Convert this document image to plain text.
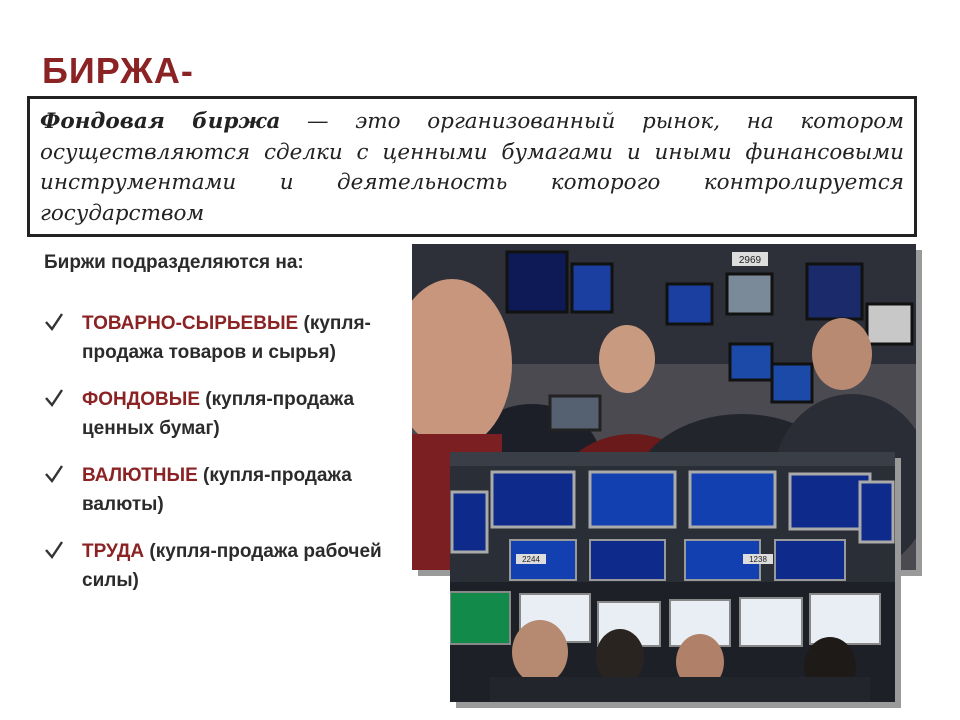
БИРЖА-
Фондовая биржа — это организованный рынок, на котором осуществляются сделки с ценными бумагами и иными финансовыми инструментами и деятельность которого контролируется государством
Биржи подразделяются на:
ТОВАРНО-СЫРЬЕВЫЕ (купля-продажа товаров и сырья)
ФОНДОВЫЕ (купля-продажа ценных бумаг)
ВАЛЮТНЫЕ (купля-продажа валюты)
ТРУДА (купля-продажа рабочей силы)
2969
2244	1238
